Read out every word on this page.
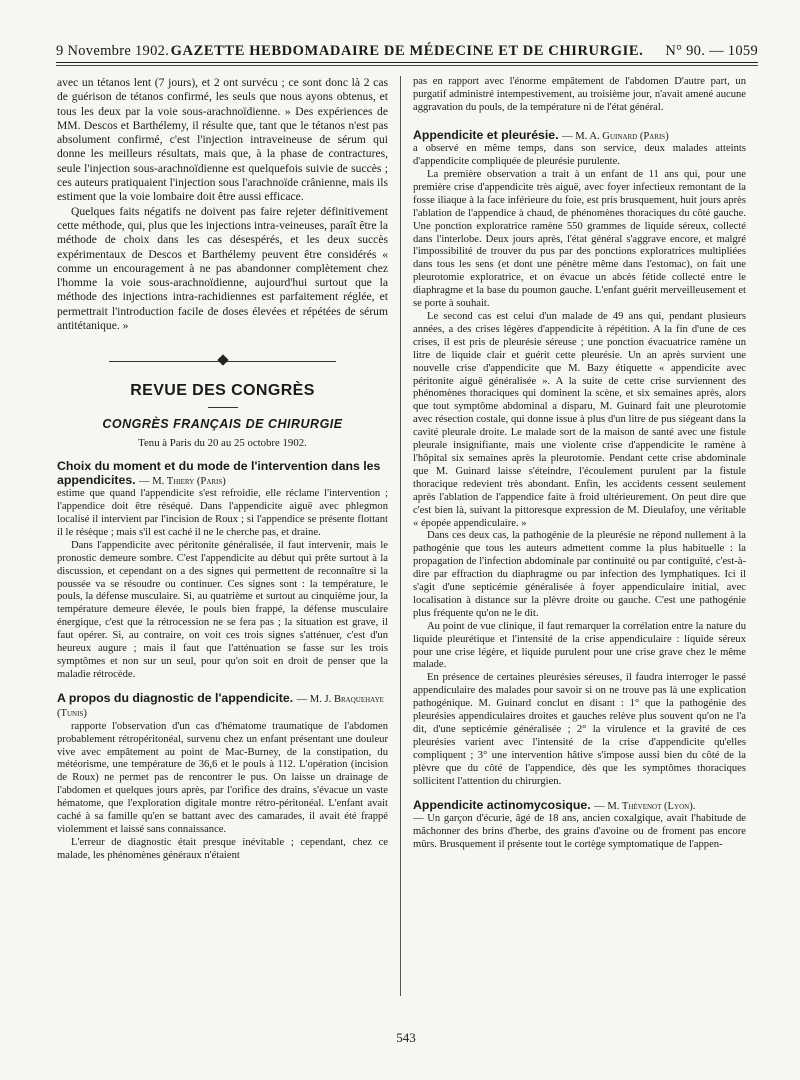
9 Novembre 1902. GAZETTE HEBDOMADAIRE DE MÉDECINE ET DE CHIRURGIE.	N° 90. — 1059

avec un tétanos lent (7 jours), et 2 ont survécu ; ce sont donc là 2 cas de guérison de tétanos confirmé, les seuls que nous ayons obtenus, et tous les deux par la voie sous-arachnoïdienne. » Des expériences de MM. Descos et Barthélemy, il résulte que, tant que le tétanos n'est pas absolument confirmé, c'est l'injection intraveineuse de sérum qui donne les meilleurs résultats, mais que, à la phase de contractures, seule l'injection sous-arachnoïdienne est quelquefois suivie de succès ; ces auteurs pratiquaient l'injection sous l'arachnoïde crânienne, mais ils estiment que la voie lombaire doit être aussi efficace.

Quelques faits négatifs ne doivent pas faire rejeter définitivement cette méthode, qui, plus que les injections intra-veineuses, paraît être la méthode de choix dans les cas désespérés, et les deux succès expérimentaux de Descos et Barthélemy peuvent être considérés « comme un encouragement à ne pas abandonner complètement chez l'homme la voie sous-arachnoïdienne, aujourd'hui surtout que la méthode des injections intra-rachidiennes est parfaitement réglée, et permettrait l'introduction facile de doses élevées et répétées de sérum antitétanique. »

REVUE DES CONGRÈS
CONGRÈS FRANÇAIS DE CHIRURGIE
Tenu à Paris du 20 au 25 octobre 1902.
Choix du moment et du mode de l'intervention dans les appendicites. — M. Thiery (Paris)

estime que quand l'appendicite s'est refroidie, elle réclame l'intervention ; l'appendice doit être réséqué. Dans l'appendicite aiguë avec phlegmon localisé il intervient par l'incision de Roux ; si l'appendice se présente flottant il le résèque ; mais s'il est caché il ne le cherche pas, et draine.

Dans l'appendicite avec péritonite généralisée, il faut intervenir, mais le pronostic demeure sombre. C'est l'appendicite au début qui prête surtout à la discussion, et cependant on a des signes qui permettent de reconnaître si la poussée va se résoudre ou continuer. Ces signes sont : la température, le pouls, la défense musculaire. Si, au quatrième et surtout au cinquième jour, la température demeure élevée, le pouls bien frappé, la défense musculaire énergique, c'est que la rétrocession ne se fera pas ; la situation est grave, il faut opérer. Si, au contraire, on voit ces trois signes s'atténuer, c'est d'un heureux augure ; mais il faut que l'atténuation se fasse sur les trois symptômes et non sur un seul, pour qu'on soit en droit de penser que la maladie rétrocède.

A propos du diagnostic de l'appendicite. — M. J. Braquehaye (Tunis)

rapporte l'observation d'un cas d'hématome traumatique de l'abdomen probablement rétropéritonéal, survenu chez un enfant présentant une douleur vive avec empâtement au point de Mac-Burney, de la constipation, du météorisme, une température de 36,6 et le pouls à 112. L'opération (incision de Roux) ne permet pas de rencontrer le pus. On laisse un drainage de l'abdomen et quelques jours après, par l'orifice des drains, s'évacue un vaste hématome, que l'exploration digitale montre rétro-péritonéal. L'enfant avait caché à sa famille qu'en se battant avec des camarades, il avait été frappé violemment et laissé sans connaissance.

L'erreur de diagnostic était presque inévitable ; cependant, chez ce malade, les phénomènes généraux n'étaient

pas en rapport avec l'énorme empâtement de l'abdomen D'autre part, un purgatif administré intempestivement, au troisième jour, n'avait amené aucune aggravation du pouls, de la température ni de l'état général.

Appendicite et pleurésie. — M. A. Guinard (Paris)

a observé en même temps, dans son service, deux malades atteints d'appendicite compliquée de pleurésie purulente.

La première observation a trait à un enfant de 11 ans qui, pour une première crise d'appendicite très aiguë, avec foyer infectieux remontant de la fosse iliaque à la face inférieure du foie, est pris brusquement, huit jours après l'ablation de l'appendice à chaud, de phénomènes thoraciques du côté gauche. Une ponction exploratrice ramène 550 grammes de liquide séreux, collecté dans l'interlobe. Deux jours après, l'état général s'aggrave encore, et malgré l'impossibilité de trouver du pus par des ponctions exploratrices multipliées dans tous les sens (et dont une pénètre même dans l'estomac), on fait une pleurotomie exploratrice, et on évacue un abcès fétide collecté entre le diaphragme et la base du poumon gauche. L'enfant guérit merveilleusement et se porte à souhait.

Le second cas est celui d'un malade de 49 ans qui, pendant plusieurs années, a des crises légères d'appendicite à répétition. A la fin d'une de ces crises, il est pris de pleurésie séreuse ; une ponction évacuatrice ramène un litre de liquide clair et guérit cette pleurésie. Un an après survient une nouvelle crise d'appendicite que M. Bazy étiquette « appendicite avec péritonite aiguë généralisée ». A la suite de cette crise surviennent des phénomènes thoraciques qui dominent la scène, et six semaines après, alors que tout symptôme abdominal a disparu, M. Guinard fait une pleurotomie avec résection costale, qui donne issue à plus d'un litre de pus siégeant dans la cavité pleurale droite. Le malade sort de la maison de santé avec une fistule pleurale insignifiante, mais une violente crise d'appendicite le ramène à l'hôpital six semaines après la pleurotomie. Pendant cette crise abdominale que M. Guinard laisse s'éteindre, l'écoulement purulent par la fistule thoracique redevient très abondant. Enfin, les accidents cessent seulement après l'ablation de l'appendice faite à froid ultérieurement. On peut dire que c'est bien là, suivant la pittoresque expression de M. Dieulafoy, une véritable « épopée appendiculaire. »

Dans ces deux cas, la pathogénie de la pleurésie ne répond nullement à la pathogénie que tous les auteurs admettent comme la plus habituelle : la propagation de l'infection abdominale par continuité ou par contiguïté, c'est-à-dire par effraction du diaphragme ou par infection des lymphatiques. Ici il s'agit d'une septicémie généralisée à foyer appendiculaire initial, avec localisation à distance sur la plèvre droite ou gauche. C'est une pathogénie plus fréquente qu'on ne le dit.

Au point de vue clinique, il faut remarquer la corrélation entre la nature du liquide pleurétique et l'intensité de la crise appendiculaire : liquide séreux pour une crise légère, et liquide purulent pour une crise grave chez le même malade.

En présence de certaines pleurésies séreuses, il faudra interroger le passé appendiculaire des malades pour savoir si on ne trouve pas là une explication pathogénique. M. Guinard conclut en disant : 1° que la pathogénie des pleurésies appendiculaires droites et gauches relève plus souvent qu'on ne l'a dit, d'une septicémie généralisée ; 2° la virulence et la gravité de ces pleurésies varient avec l'intensité de la crise d'appendicite qu'elles compliquent ; 3° une intervention hâtive s'impose aussi bien du côté de la plèvre que du côté de l'appendice, dès que les symptômes thoraciques sollicitent l'attention du chirurgien.

Appendicite actinomycosique. — M. Thévenot (Lyon).

— Un garçon d'écurie, âgé de 18 ans, ancien coxalgique, avait l'habitude de mâchonner des brins d'herbe, des grains d'avoine ou de froment pas encore mûrs. Brusquement il présente tout le cortège symptomatique de l'appen-

543
